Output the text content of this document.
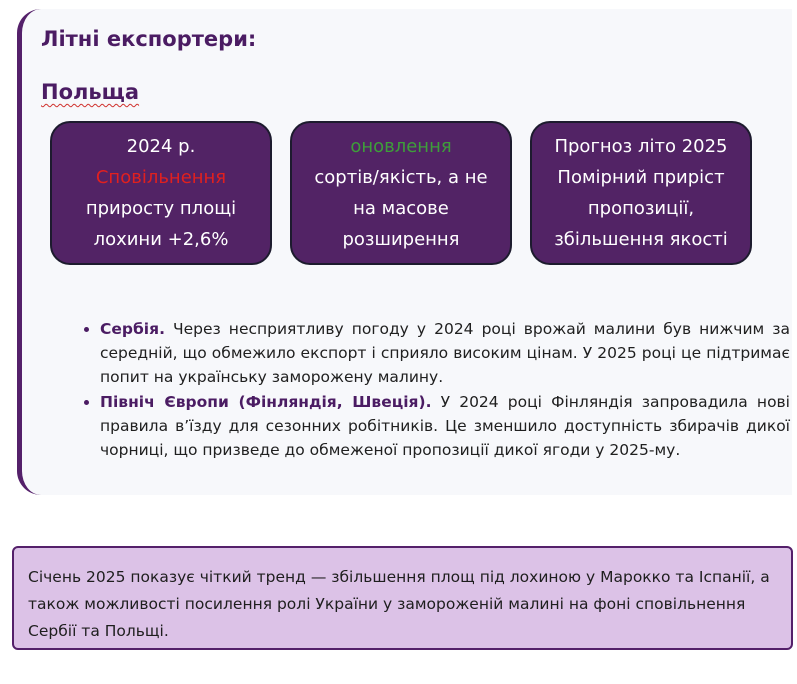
Літні експортери:
Польща
2024 р.
Сповільнення
приросту площі
лохини +2,6%
оновлення
сортів/якість, а не
на масове
розширення
Прогноз літо 2025
Помірний приріст
пропозиції,
збільшення якості
• Сербія. Через несприятливу погоду у 2024 році врожай малини був нижчим за середній, що обмежило експорт і сприяло високим цінам. У 2025 році це підтримає попит на українську заморожену малину.
• Північ Європи (Фінляндія, Швеція). У 2024 році Фінляндія запровадила нові правила в’їзду для сезонних робітників. Це зменшило доступність збирачів дикої чорниці, що призведе до обмеженої пропозиції дикої ягоди у 2025-му.
Січень 2025 показує чіткий тренд — збільшення площ під лохиною у Марокко та Іспанії, а також можливості посилення ролі України у замороженій малині на фоні сповільнення Сербії та Польщі.
